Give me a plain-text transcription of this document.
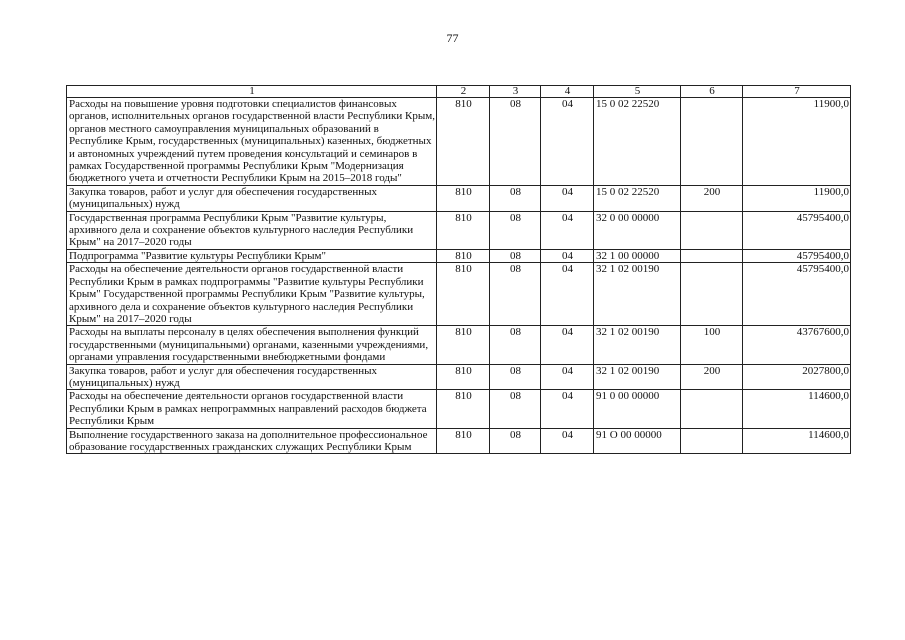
77
1	2	3	4	5	6	7
Расходы на повышение уровня подготовки специалистов финансовых органов, исполнительных органов государственной власти Республики Крым, органов местного самоуправления муниципальных образований в Республике Крым, государственных (муниципальных) казенных, бюджетных и автономных учреждений путем проведения консультаций и семинаров в рамках Государственной программы Республики Крым "Модернизация бюджетного учета и отчетности Республики Крым на 2015–2018 годы"	810	08	04	15 0 02 22520		11900,0
Закупка товаров, работ и услуг для обеспечения государственных (муниципальных) нужд	810	08	04	15 0 02 22520	200	11900,0
Государственная программа Республики Крым "Развитие культуры, архивного дела и сохранение объектов культурного наследия Республики Крым" на 2017–2020 годы	810	08	04	32 0 00 00000		45795400,0
Подпрограмма "Развитие культуры Республики Крым"	810	08	04	32 1 00 00000		45795400,0
Расходы на обеспечение деятельности органов государственной власти Республики Крым в рамках подпрограммы "Развитие культуры Республики Крым" Государственной программы Республики Крым "Развитие культуры, архивного дела и сохранение объектов культурного наследия Республики Крым" на 2017–2020 годы	810	08	04	32 1 02 00190		45795400,0
Расходы на выплаты персоналу в целях обеспечения выполнения функций государственными (муниципальными) органами, казенными учреждениями, органами управления государственными внебюджетными фондами	810	08	04	32 1 02 00190	100	43767600,0
Закупка товаров, работ и услуг для обеспечения государственных (муниципальных) нужд	810	08	04	32 1 02 00190	200	2027800,0
Расходы на обеспечение деятельности органов государственной власти Республики Крым в рамках непрограммных направлений расходов бюджета Республики Крым	810	08	04	91 0 00 00000		114600,0
Выполнение государственного заказа на дополнительное профессиональное образование государственных гражданских служащих Республики Крым	810	08	04	91 О 00 00000		114600,0
